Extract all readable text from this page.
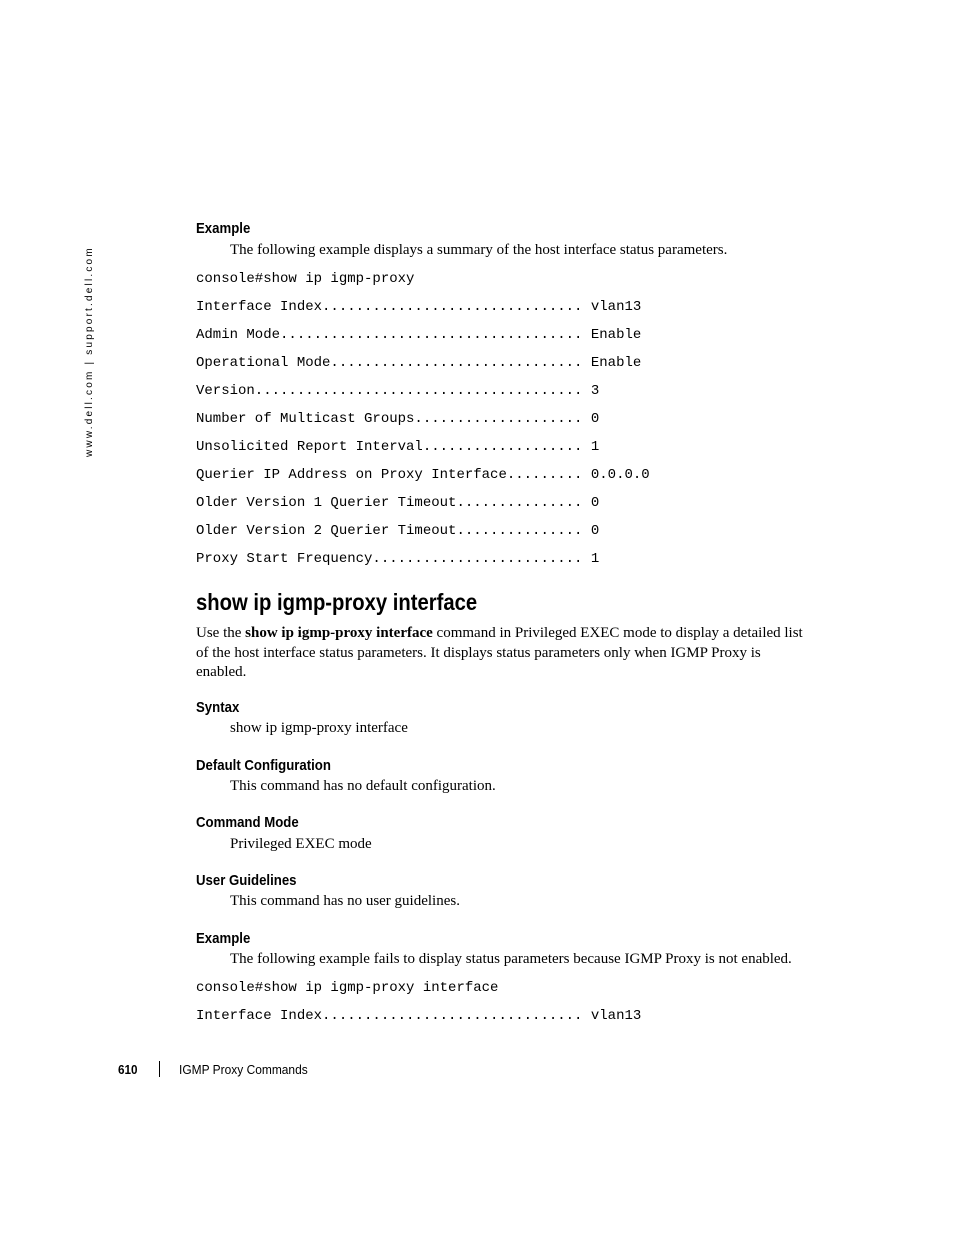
www.dell.com | support.dell.com
Example
The following example displays a summary of the host interface status parameters.
console#show ip igmp-proxy
Interface Index............................... vlan13
Admin Mode.................................... Enable
Operational Mode.............................. Enable
Version....................................... 3
Number of Multicast Groups.................... 0
Unsolicited Report Interval................... 1
Querier IP Address on Proxy Interface......... 0.0.0.0
Older Version 1 Querier Timeout............... 0
Older Version 2 Querier Timeout............... 0
Proxy Start Frequency......................... 1
show ip igmp-proxy interface
Use the show ip igmp-proxy interface command in Privileged EXEC mode to display a detailed list of the host interface status parameters. It displays status parameters only when IGMP Proxy is enabled.
Syntax
show ip igmp-proxy interface
Default Configuration
This command has no default configuration.
Command Mode
Privileged EXEC mode
User Guidelines
This command has no user guidelines.
Example
The following example fails to display status parameters because IGMP Proxy is not enabled.
console#show ip igmp-proxy interface
Interface Index............................... vlan13
610	IGMP Proxy Commands
